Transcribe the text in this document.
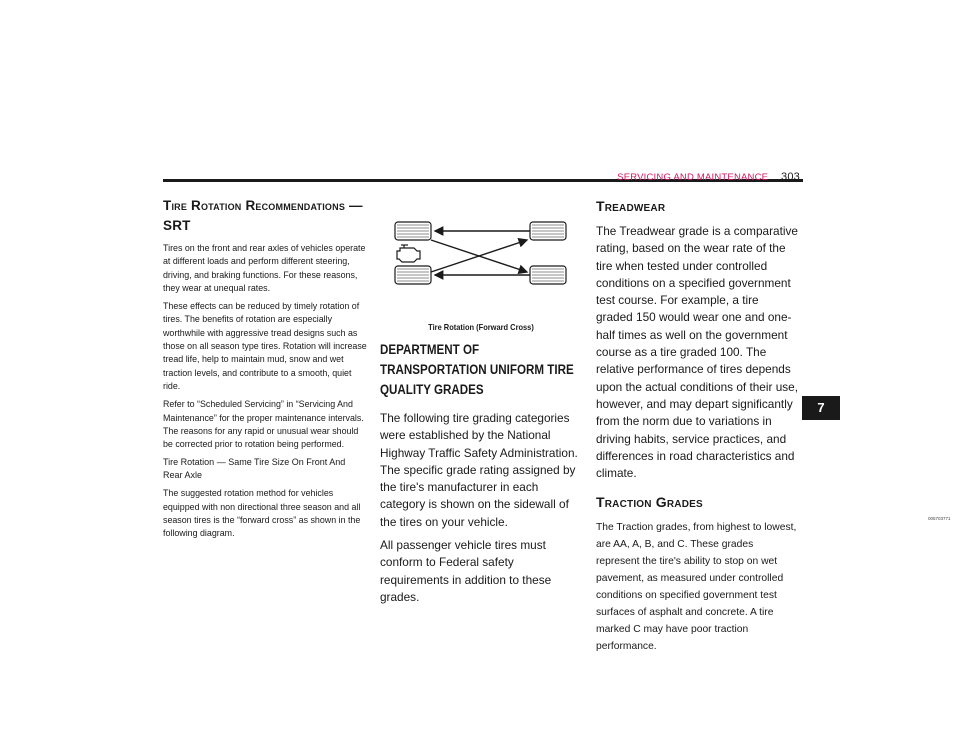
SERVICING AND MAINTENANCE 303
Tire Rotation Recommendations — SRT

Tires on the front and rear axles of vehicles operate at different loads and perform different steering, driving, and braking functions. For these reasons, they wear at unequal rates.

These effects can be reduced by timely rotation of tires. The benefits of rotation are especially worthwhile with aggressive tread designs such as those on all season type tires. Rotation will increase tread life, help to maintain mud, snow and wet traction levels, and contribute to a smooth, quiet ride.

Refer to “Scheduled Servicing” in “Servicing And Maintenance” for the proper maintenance intervals. The reasons for any rapid or unusual wear should be corrected prior to rotation being performed.

Tire Rotation — Same Tire Size On Front And Rear Axle

The suggested rotation method for vehicles equipped with non directional three season and all season tires is the “forward cross” as shown in the following diagram.

005703771

Tire Rotation (Forward Cross)

DEPARTMENT OF TRANSPORTATION UNIFORM TIRE QUALITY GRADES

The following tire grading categories were established by the National Highway Traffic Safety Administration. The specific grade rating assigned by the tire's manufacturer in each category is shown on the sidewall of the tires on your vehicle.

All passenger vehicle tires must conform to Federal safety requirements in addition to these grades.

Treadwear

The Treadwear grade is a comparative rating, based on the wear rate of the tire when tested under controlled conditions on a specified government test course. For example, a tire graded 150 would wear one and one-half times as well on the government course as a tire graded 100. The relative performance of tires depends upon the actual conditions of their use, however, and may depart significantly from the norm due to variations in driving habits, service practices, and differences in road characteristics and climate.

Traction Grades

The Traction grades, from highest to lowest, are AA, A, B, and C. These grades represent the tire's ability to stop on wet pavement, as measured under controlled conditions on specified government test surfaces of asphalt and concrete. A tire marked C may have poor traction performance.

7
